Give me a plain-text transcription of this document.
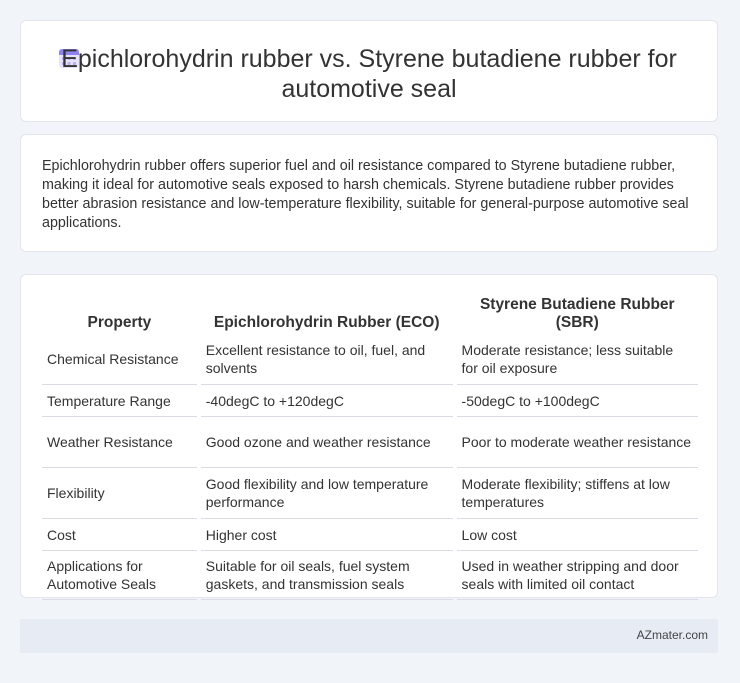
Epichlorohydrin rubber vs. Styrene butadiene rubber for automotive seal
Epichlorohydrin rubber offers superior fuel and oil resistance compared to Styrene butadiene rubber, making it ideal for automotive seals exposed to harsh chemicals. Styrene butadiene rubber provides better abrasion resistance and low-temperature flexibility, suitable for general-purpose automotive seal applications.
Property		Epichlorohydrin Rubber (ECO)		Styrene Butadiene Rubber (SBR)
Chemical Resistance		Excellent resistance to oil, fuel, and solvents		Moderate resistance; less suitable for oil exposure
Temperature Range		-40degC to +120degC		-50degC to +100degC
Weather Resistance		Good ozone and weather resistance		Poor to moderate weather resistance
Flexibility		Good flexibility and low temperature performance		Moderate flexibility; stiffens at low temperatures
Cost		Higher cost		Low cost
Applications for Automotive Seals		Suitable for oil seals, fuel system gaskets, and transmission seals		Used in weather stripping and door seals with limited oil contact
AZmater.com
